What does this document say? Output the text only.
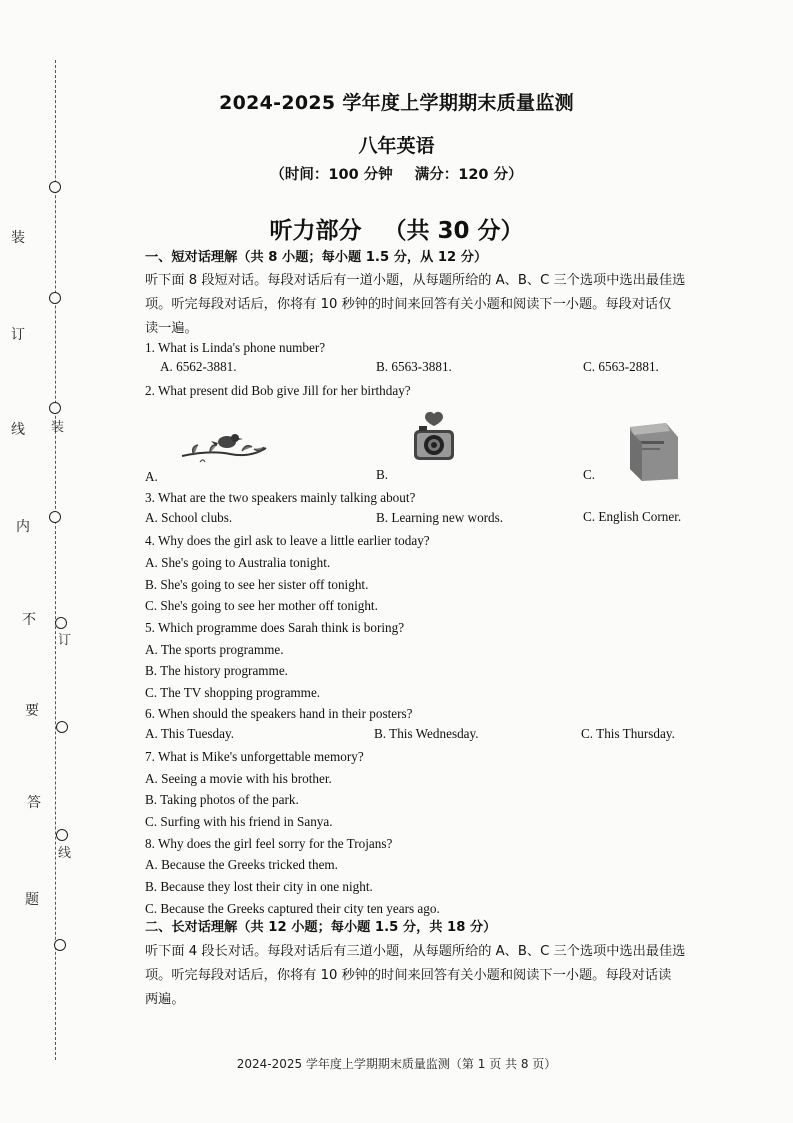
装
订
线
内
不
要
答
题
装
订
线
2024-2025 学年度上学期期末质量监测
八年英语
（时间：100 分钟 满分：120 分）
听力部分 （共 30 分）
一、短对话理解（共 8 小题；每小题 1.5 分，从 12 分）
听下面 8 段短对话。每段对话后有一道小题，从每题所给的 A、B、C 三个选项中选出最佳选
项。听完每段对话后，你将有 10 秒钟的时间来回答有关小题和阅读下一小题。每段对话仅
读一遍。
1. What is Linda's phone number?
A. 6562-3881.	B. 6563-3881.	C. 6563-2881.
2. What present did Bob give Jill for her birthday?
A.	B.	C.
3. What are the two speakers mainly talking about?
A. School clubs.	B. Learning new words.	C. English Corner.
4. Why does the girl ask to leave a little earlier today?
A. She's going to Australia tonight.
B. She's going to see her sister off tonight.
C. She's going to see her mother off tonight.
5. Which programme does Sarah think is boring?
A. The sports programme.
B. The history programme.
C. The TV shopping programme.
6. When should the speakers hand in their posters?
A. This Tuesday.	B. This Wednesday.	C. This Thursday.
7. What is Mike's unforgettable memory?
A. Seeing a movie with his brother.
B. Taking photos of the park.
C. Surfing with his friend in Sanya.
8. Why does the girl feel sorry for the Trojans?
A. Because the Greeks tricked them.
B. Because they lost their city in one night.
C. Because the Greeks captured their city ten years ago.
二、长对话理解（共 12 小题；每小题 1.5 分，共 18 分）
听下面 4 段长对话。每段对话后有三道小题，从每题所给的 A、B、C 三个选项中选出最佳选
项。听完每段对话后，你将有 10 秒钟的时间来回答有关小题和阅读下一小题。每段对话读
两遍。
2024-2025 学年度上学期期末质量监测（第 1 页 共 8 页）
